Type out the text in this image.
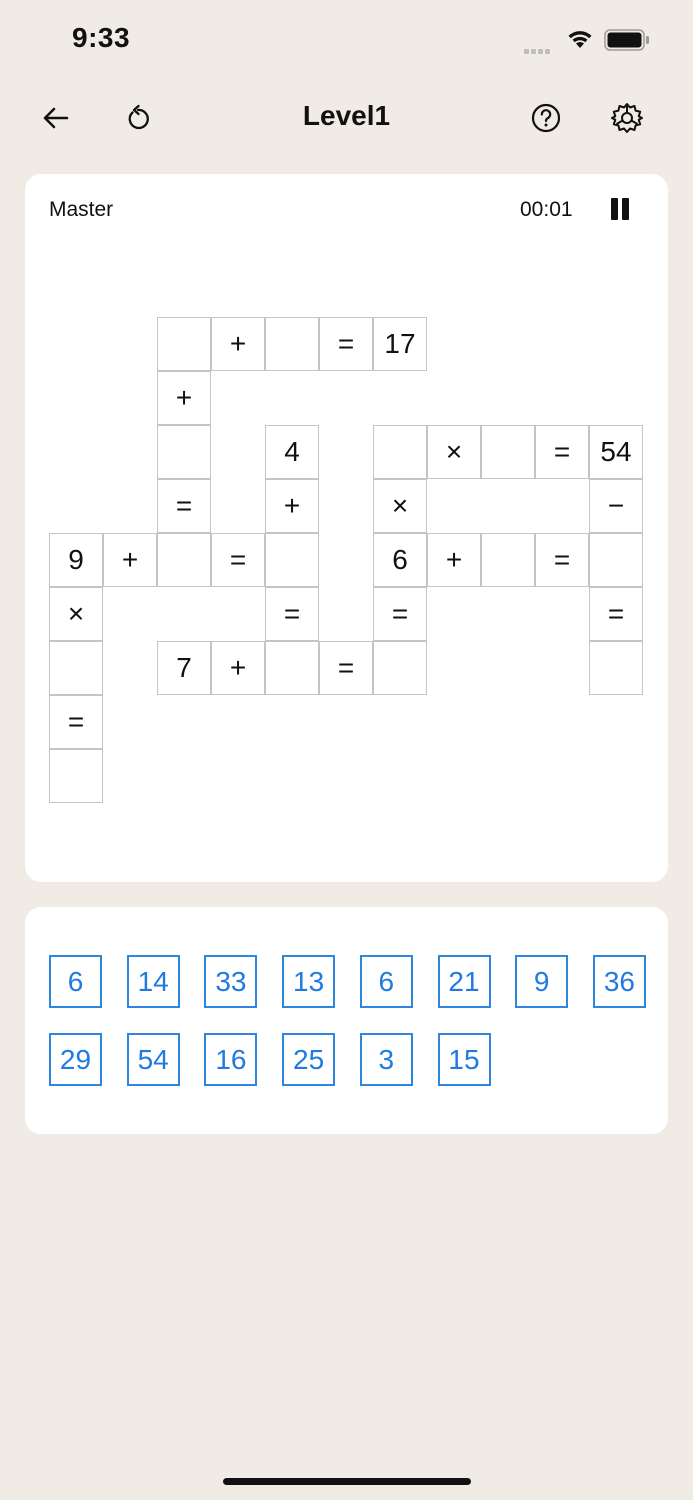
9:33
Level1
Master	00:01
+	=	17
+
4	×	=	54
=	+	×	−
9	+	=	6	+	=
×	=	=	=
7	+	=
=
6	14	33	13	6	21	9	36
29	54	16	25	3	15
